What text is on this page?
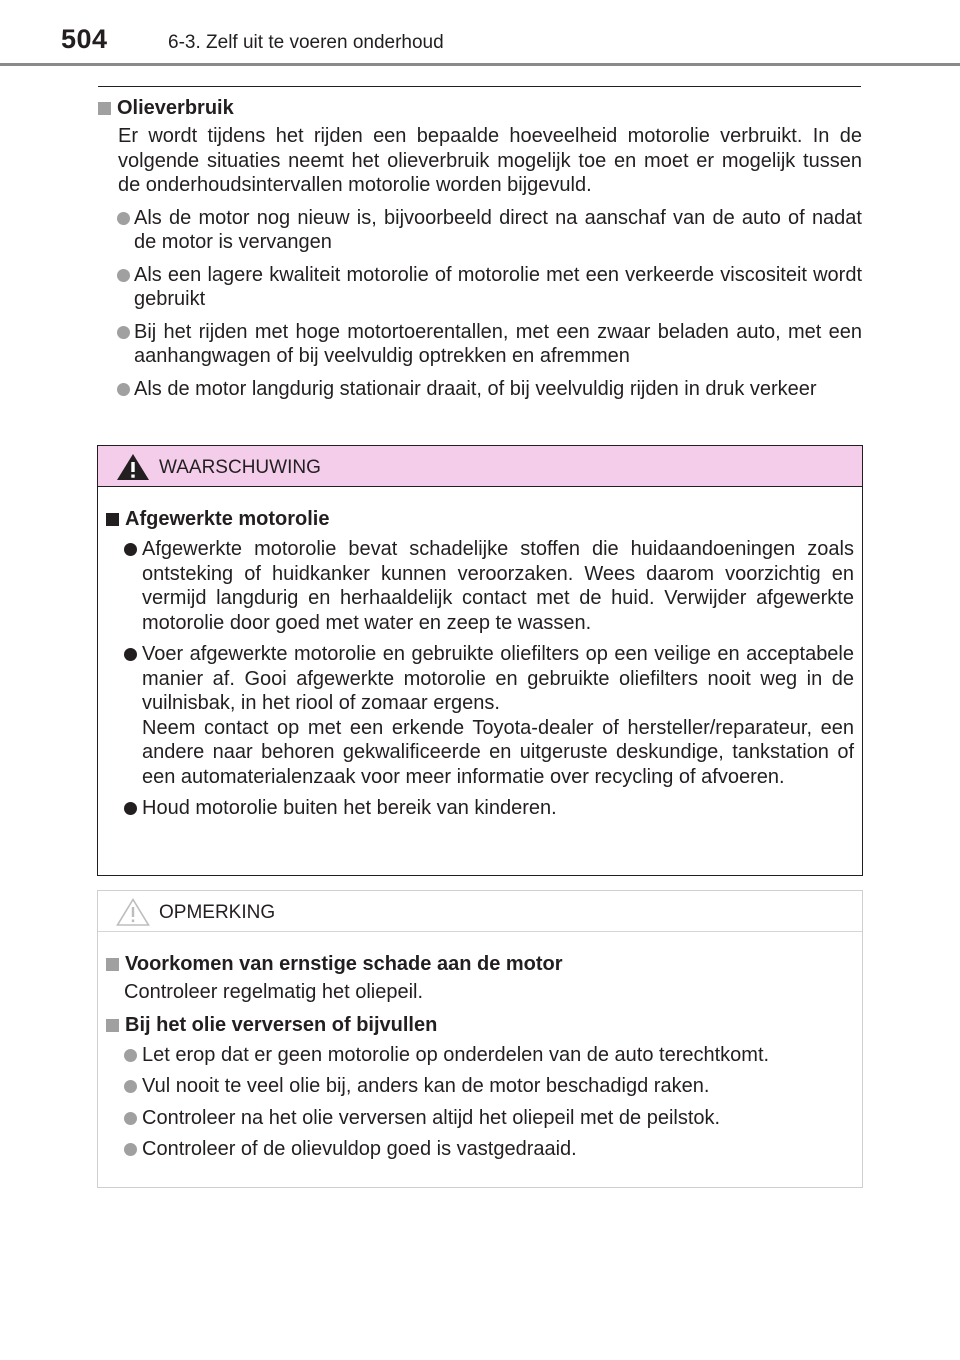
504	6-3. Zelf uit te voeren onderhoud
Olieverbruik

Er wordt tijdens het rijden een bepaalde hoeveelheid motorolie verbruikt. In de volgende situaties neemt het olieverbruik mogelijk toe en moet er mogelijk tussen de onderhoudsintervallen motorolie worden bijgevuld.

Als de motor nog nieuw is, bijvoorbeeld direct na aanschaf van de auto of nadat de motor is vervangen
Als een lagere kwaliteit motorolie of motorolie met een verkeerde viscositeit wordt gebruikt
Bij het rijden met hoge motortoerentallen, met een zwaar beladen auto, met een aanhangwagen of bij veelvuldig optrekken en afremmen
Als de motor langdurig stationair draait, of bij veelvuldig rijden in druk verkeer
WAARSCHUWING
Afgewerkte motorolie
Afgewerkte motorolie bevat schadelijke stoffen die huidaandoeningen zoals ontsteking of huidkanker kunnen veroorzaken. Wees daarom voorzichtig en vermijd langdurig en herhaaldelijk contact met de huid. Verwijder afgewerkte motorolie door goed met water en zeep te wassen.
Voer afgewerkte motorolie en gebruikte oliefilters op een veilige en acceptabele manier af. Gooi afgewerkte motorolie en gebruikte oliefilters nooit weg in de vuilnisbak, in het riool of zomaar ergens.
Neem contact op met een erkende Toyota-dealer of hersteller/reparateur, een andere naar behoren gekwalificeerde en uitgeruste deskundige, tankstation of een automaterialenzaak voor meer informatie over recycling of afvoeren.
Houd motorolie buiten het bereik van kinderen.
OPMERKING
Voorkomen van ernstige schade aan de motor

Controleer regelmatig het oliepeil.

Bij het olie verversen of bijvullen
Let erop dat er geen motorolie op onderdelen van de auto terechtkomt.
Vul nooit te veel olie bij, anders kan de motor beschadigd raken.
Controleer na het olie verversen altijd het oliepeil met de peilstok.
Controleer of de olievuldop goed is vastgedraaid.
